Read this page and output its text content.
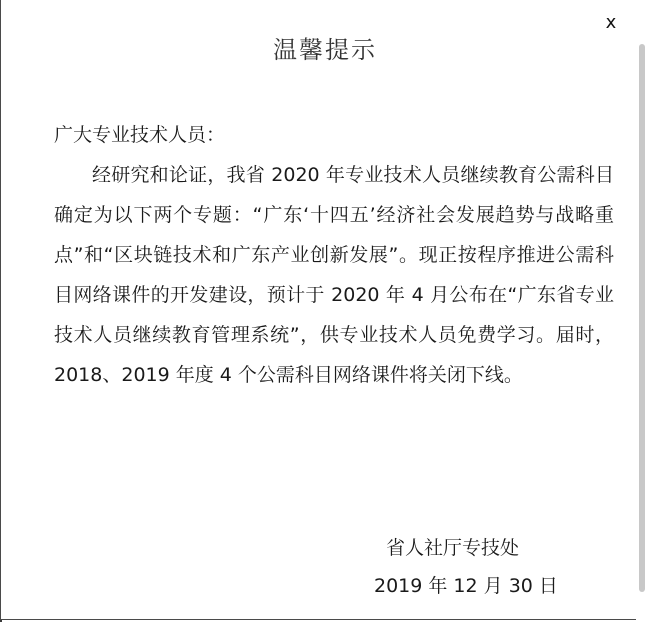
温馨提示
x
广大专业技术人员：
经研究和论证，我省 2020 年专业技术人员继续教育公需科目确定为以下两个专题：“广东‘十四五’经济社会发展趋势与战略重点”和“区块链技术和广东产业创新发展”。现正按程序推进公需科目网络课件的开发建设，预计于 2020 年 4 月公布在“广东省专业技术人员继续教育管理系统”，供专业技术人员免费学习。届时，2018、2019 年度 4 个公需科目网络课件将关闭下线。
省人社厅专技处
2019 年 12 月 30 日
